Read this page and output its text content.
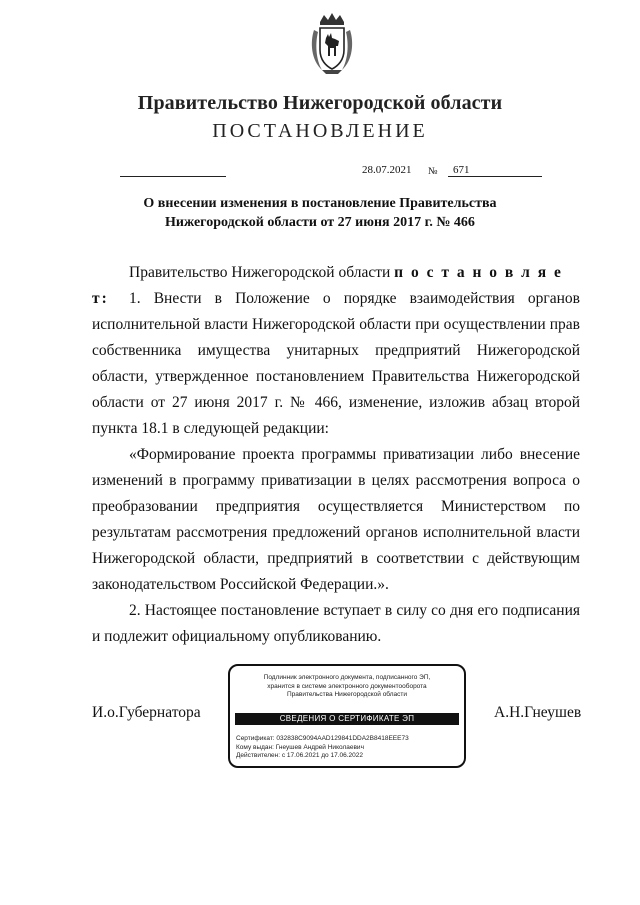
Правительство Нижегородской области
ПОСТАНОВЛЕНИЕ
28.07.2021 № 671
О внесении изменения в постановление Правительства Нижегородской области от 27 июня 2017 г. № 466
Правительство Нижегородской области п о с т а н о в л я е т:	1. Внести в Положение о порядке взаимодействия органов исполнительной власти Нижегородской области при осуществлении прав собственника имущества унитарных предприятий Нижегородской области, утвержденное постановлением Правительства Нижегородской области от 27 июня 2017 г. № 466, изменение, изложив абзац второй пункта 18.1 в следующей редакции:
«Формирование проекта программы приватизации либо внесение изменений в программу приватизации в целях рассмотрения вопроса о преобразовании предприятия осуществляется Министерством по результатам рассмотрения предложений органов исполнительной власти Нижегородской области, предприятий в соответствии с действующим законодательством Российской Федерации.».
2. Настоящее постановление вступает в силу со дня его подписания и подлежит официальному опубликованию.
И.о.Губернатора
Подлинник электронного документа, подписанного ЭП,
хранится в системе электронного документооборота
Правительства Нижегородской области
СВЕДЕНИЯ О СЕРТИФИКАТЕ ЭП
Сертификат: 032838C9094AAD129841DDA2B8418EEE73
Кому выдан: Гнеушев Андрей Николаевич
Действителен: с 17.06.2021 до 17.06.2022
А.Н.Гнеушев
